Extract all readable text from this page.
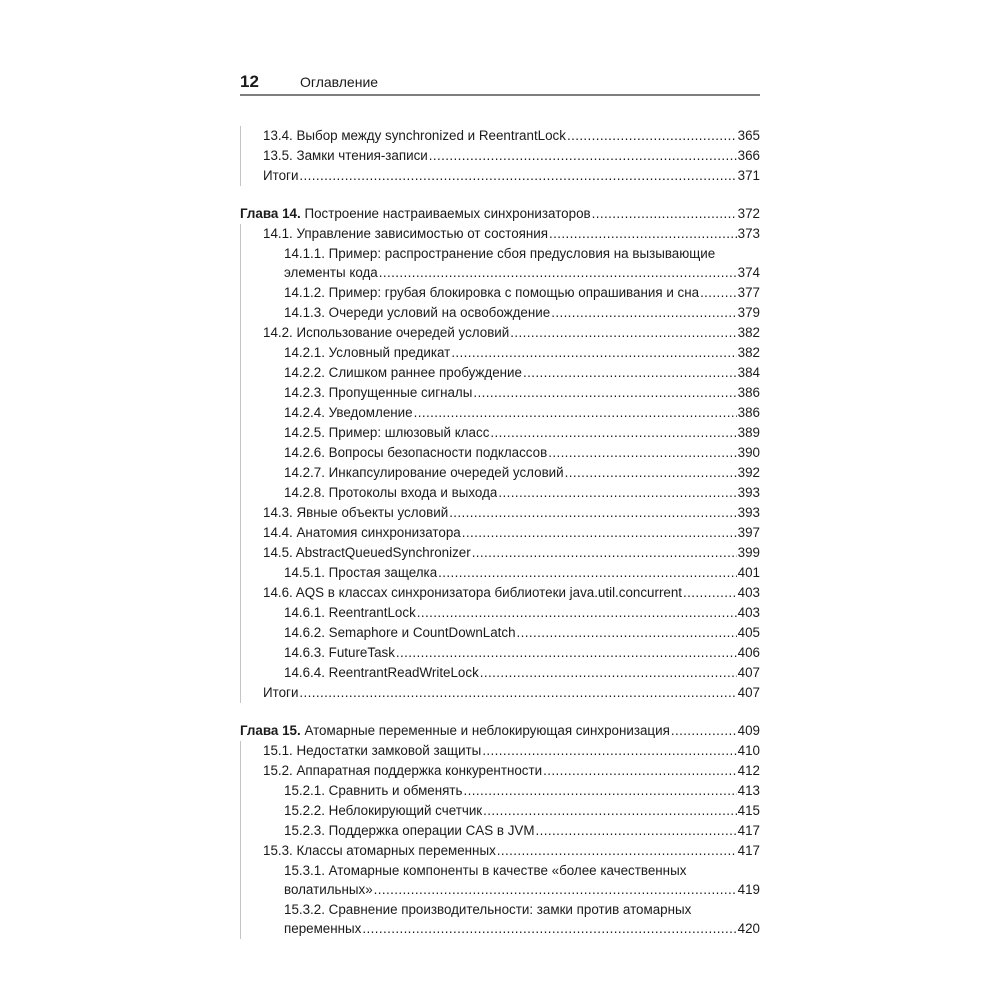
12	Оглавление
13.4. Выбор между synchronized и ReentrantLock .....	365
13.5. Замки чтения-записи .....	366
Итоги .....	371
Глава 14. Построение настраиваемых синхронизаторов .....	372
14.1. Управление зависимостью от состояния .....	373
14.1.1. Пример: распространение сбоя предусловия на вызывающие
элементы кода .....	374
14.1.2. Пример: грубая блокировка с помощью опрашивания и сна .....	377
14.1.3. Очереди условий на освобождение .....	379
14.2. Использование очередей условий .....	382
14.2.1. Условный предикат .....	382
14.2.2. Слишком раннее пробуждение .....	384
14.2.3. Пропущенные сигналы .....	386
14.2.4. Уведомление .....	386
14.2.5. Пример: шлюзовый класс .....	389
14.2.6. Вопросы безопасности подклассов .....	390
14.2.7. Инкапсулирование очередей условий .....	392
14.2.8. Протоколы входа и выхода .....	393
14.3. Явные объекты условий .....	393
14.4. Анатомия синхронизатора .....	397
14.5. AbstractQueuedSynchronizer .....	399
14.5.1. Простая защелка .....	401
14.6. AQS в классах синхронизатора библиотеки java.util.concurrent .....	403
14.6.1. ReentrantLock .....	403
14.6.2. Semaphore и CountDownLatch .....	405
14.6.3. FutureTask .....	406
14.6.4. ReentrantReadWriteLock .....	407
Итоги .....	407
Глава 15. Атомарные переменные и неблокирующая синхронизация .....	409
15.1. Недостатки замковой защиты .....	410
15.2. Аппаратная поддержка конкурентности .....	412
15.2.1. Сравнить и обменять .....	413
15.2.2. Неблокирующий счетчик .....	415
15.2.3. Поддержка операции CAS в JVM .....	417
15.3. Классы атомарных переменных .....	417
15.3.1. Атомарные компоненты в качестве «более качественных
волатильных» .....	419
15.3.2. Сравнение производительности: замки против атомарных
переменных .....	420
